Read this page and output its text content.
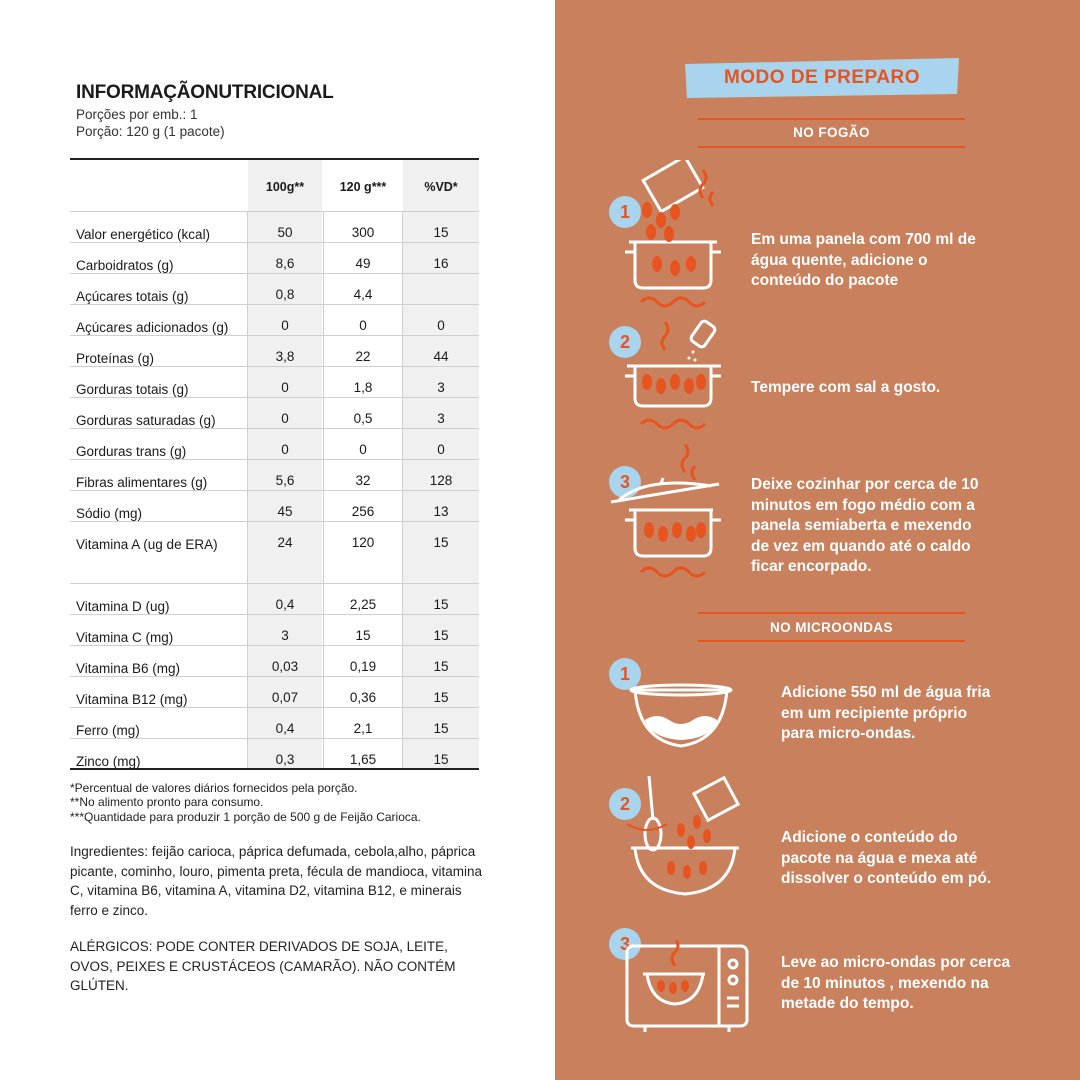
INFORMAÇÃONUTRICIONAL
Porções por emb.: 1
Porção: 120 g (1 pacote)
100g**	120 g***	%VD*
Valor energético (kcal)	50	300	15
Carboidratos (g)	8,6	49	16
Açúcares totais (g)	0,8	4,4
Açúcares adicionados (g)	0	0	0
Proteínas (g)	3,8	22	44
Gorduras totais (g)	0	1,8	3
Gorduras saturadas (g)	0	0,5	3
Gorduras trans (g)	0	0	0
Fibras alimentares (g)	5,6	32	128
Sódio (mg)	45	256	13
Vitamina A (ug de ERA)	24	120	15
Vitamina D (ug)	0,4	2,25	15
Vitamina C (mg)	3	15	15
Vitamina B6 (mg)	0,03	0,19	15
Vitamina B12 (mg)	0,07	0,36	15
Ferro (mg)	0,4	2,1	15
Zinco (mg)	0,3	1,65	15
*Percentual de valores diários fornecidos pela porção.
**No alimento pronto para consumo.
***Quantidade para produzir 1 porção de 500 g de Feijão Carioca.
Ingredientes: feijão carioca, páprica defumada, cebola,alho, páprica picante, cominho, louro, pimenta preta, fécula de mandioca, vitamina C, vitamina B6, vitamina A, vitamina D2, vitamina B12, e minerais ferro e zinco.
ALÉRGICOS: PODE CONTER DERIVADOS DE SOJA, LEITE, OVOS, PEIXES E CRUSTÁCEOS (CAMARÃO). NÃO CONTÉM GLÚTEN.
MODO DE PREPARO
NO FOGÃO
1
Em uma panela com 700 ml de água quente, adicione o conteúdo do pacote
2
Tempere com sal a gosto.
3	Deixe cozinhar por cerca de 10 minutos em fogo médio com a panela semiaberta e mexendo de vez em quando até o caldo ficar encorpado.
NO MICROONDAS
1
Adicione 550 ml de água fria em um recipiente próprio para micro-ondas.
2
Adicione o conteúdo do pacote na água e mexa até dissolver o conteúdo em pó.
3
Leve ao micro-ondas por cerca de 10 minutos , mexendo na metade do tempo.
